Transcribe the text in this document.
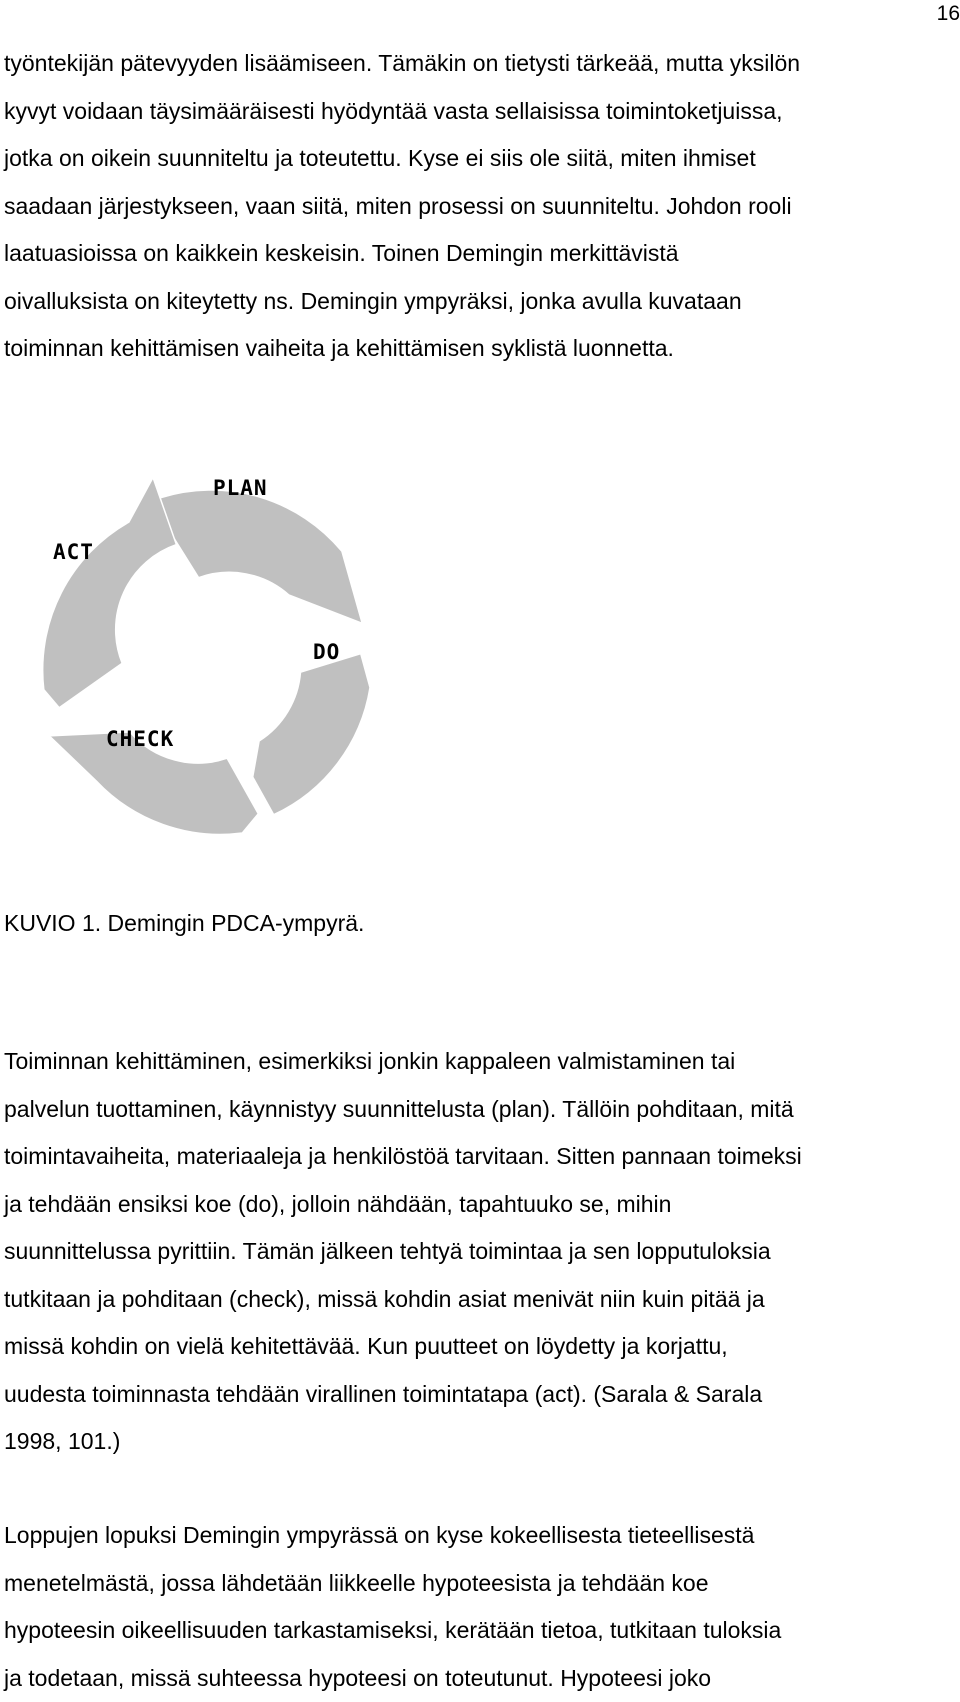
16
työntekijän pätevyyden lisäämiseen. Tämäkin on tietysti tärkeää, mutta yksilön
kyvyt voidaan täysimääräisesti hyödyntää vasta sellaisissa toimintoketjuissa,
jotka on oikein suunniteltu ja toteutettu. Kyse ei siis ole siitä, miten ihmiset
saadaan järjestykseen, vaan siitä, miten prosessi on suunniteltu. Johdon rooli
laatuasioissa on kaikkein keskeisin. Toinen Demingin merkittävistä
oivalluksista on kiteytetty ns. Demingin ympyräksi, jonka avulla kuvataan
toiminnan kehittämisen vaiheita ja kehittämisen syklistä luonnetta.
PLAN
ACT
DO
CHECK

KUVIO 1. Demingin PDCA-ympyrä.

Toiminnan kehittäminen, esimerkiksi jonkin kappaleen valmistaminen tai
palvelun tuottaminen, käynnistyy suunnittelusta (plan). Tällöin pohditaan, mitä
toimintavaiheita, materiaaleja ja henkilöstöä tarvitaan. Sitten pannaan toimeksi
ja tehdään ensiksi koe (do), jolloin nähdään, tapahtuuko se, mihin
suunnittelussa pyrittiin. Tämän jälkeen tehtyä toimintaa ja sen lopputuloksia
tutkitaan ja pohditaan (check), missä kohdin asiat menivät niin kuin pitää ja
missä kohdin on vielä kehitettävää. Kun puutteet on löydetty ja korjattu,
uudesta toiminnasta tehdään virallinen toimintatapa (act). (Sarala & Sarala
1998, 101.)
Loppujen lopuksi Demingin ympyrässä on kyse kokeellisesta tieteellisestä
menetelmästä, jossa lähdetään liikkeelle hypoteesista ja tehdään koe
hypoteesin oikeellisuuden tarkastamiseksi, kerätään tietoa, tutkitaan tuloksia
ja todetaan, missä suhteessa hypoteesi on toteutunut. Hypoteesi joko
